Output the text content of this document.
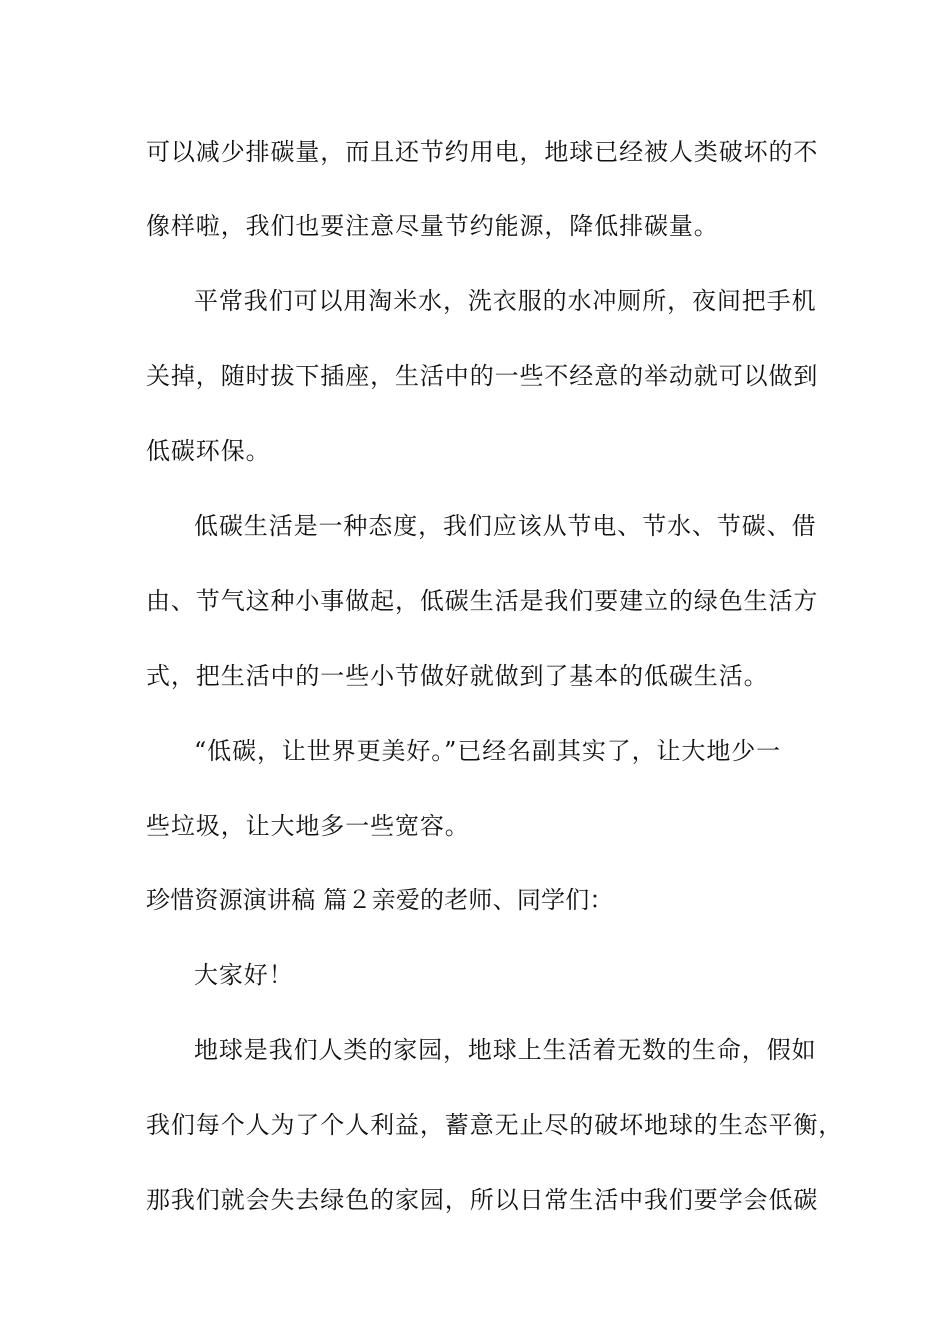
可以减少排碳量，而且还节约用电，地球已经被人类破坏的不
像样啦，我们也要注意尽量节约能源，降低排碳量。
平常我们可以用淘米水，洗衣服的水冲厕所，夜间把手机
关掉，随时拔下插座，生活中的一些不经意的举动就可以做到
低碳环保。
低碳生活是一种态度，我们应该从节电、节水、节碳、借
由、节气这种小事做起，低碳生活是我们要建立的绿色生活方
式，把生活中的一些小节做好就做到了基本的低碳生活。
“低碳，让世界更美好。”已经名副其实了，让大地少一
些垃圾，让大地多一些宽容。
珍惜资源演讲稿 篇２亲爱的老师、同学们：
大家好！
地球是我们人类的家园，地球上生活着无数的生命，假如
我们每个人为了个人利益，蓄意无止尽的破坏地球的生态平衡，
那我们就会失去绿色的家园，所以日常生活中我们要学会低碳
